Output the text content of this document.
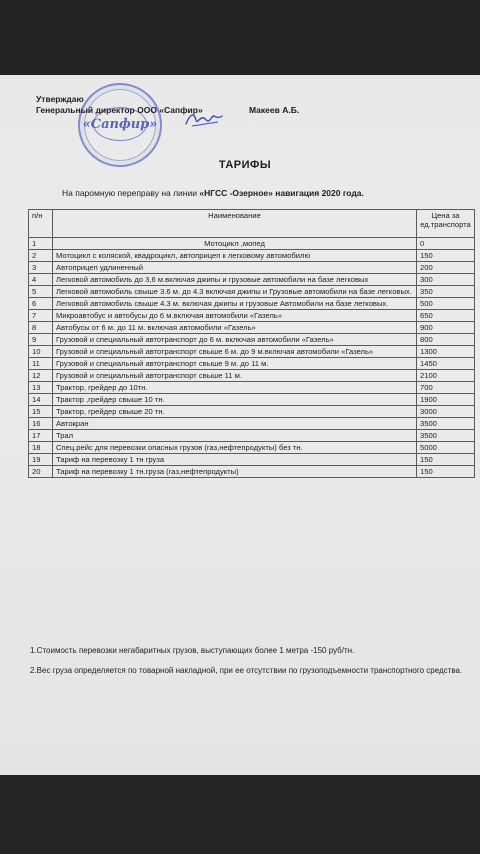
«Сапфир»
Утверждаю
Генеральный директор ООО «Сапфир»	Макеев А.Б.
ТАРИФЫ
На паромную переправу на линии «НГСС -Озерное» навигация 2020 года.
п/н	Наименование	Цена за ед.транспорта
1	Мотоцикл ,мопед	0
2	Мотоцикл с коляской, квадроцикл, автоприцеп к легковому автомобилю	150
3	Автоприцеп удлиненный	200
4	Легковой автомобиль до 3,6 м.включая джипы и грузовые автомобили на базе легковых	300
5	Легковой автомобиль свыше 3.6 м. до 4.3 включая джипы и Грузовые автомобили на базе легковых.	350
6	Легковой автомобиль свыше 4.3 м. включая джипы и грузовые Автомобили на базе легковых.	500
7	Микроавтобус и автобусы до 6 м.включая автомобили «Газель»	650
8	Автобусы от 6 м. до 11 м. включая автомобили «Газель»	900
9	Грузовой и специальный автотранспорт до 6 м. включая автомобили «Газель»	800
10	Грузовой и специальный автотранспорт свыше 6 м. до 9 м.включая автомобили «Газель»	1300
11	Грузовой и специальный автотранспорт свыше 9 м. до 11 м.	1450
12	Грузовой и специальный автотранспорт свыше 11 м.	2100
13	Трактор, грейдер до 10тн.	700
14	Трактор ,грейдер свыше 10 тн.	1900
15	Трактор, грейдер свыше 20 тн.	3000
16	Автокран	3500
17	Трал	3500
18	Спец.рейс для перевозки опасных грузов (газ,нефтепродукты) без тн.	5000
19	Тариф на перевозку 1 тн груза	150
20	Тариф на перевозку 1 тн.груза (газ,нефтепродукты)	150

1.Стоимость перевозки негабаритных грузов, выступающих более 1 метра -150 руб/тн.

2.Вес груза определяется по товарной накладной, при ее отсутствии по грузоподъемности транспортного средства.
